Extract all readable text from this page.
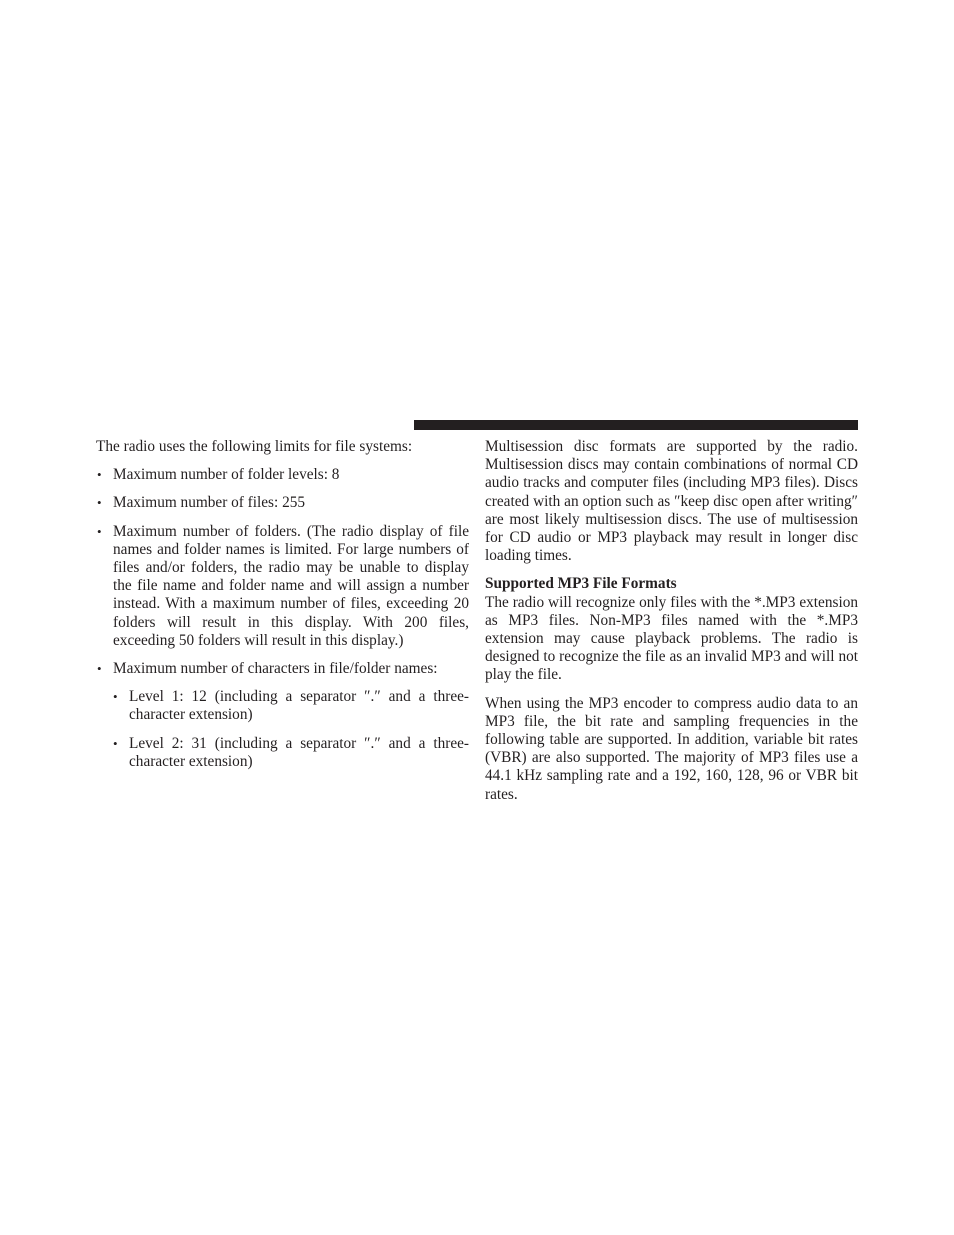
The radio uses the following limits for file systems:

• Maximum number of folder levels: 8
• Maximum number of files: 255
• Maximum number of folders. (The radio display of file names and folder names is limited. For large numbers of files and/or folders, the radio may be unable to display the file name and folder name and will assign a number instead. With a maximum number of files, exceeding 20 folders will result in this display. With 200 files, exceeding 50 folders will result in this display.)
• Maximum number of characters in file/folder names:
• Level 1: 12 (including a separator ″.″ and a three-character extension)
• Level 2: 31 (including a separator ″.″ and a three-character extension)

Multisession disc formats are supported by the radio. Multisession discs may contain combinations of normal CD audio tracks and computer files (including MP3 files). Discs created with an option such as ″keep disc open after writing″ are most likely multisession discs. The use of multisession for CD audio or MP3 playback may result in longer disc loading times.

Supported MP3 File Formats

The radio will recognize only files with the *.MP3 extension as MP3 files. Non-MP3 files named with the *.MP3 extension may cause playback problems. The radio is designed to recognize the file as an invalid MP3 and will not play the file.

When using the MP3 encoder to compress audio data to an MP3 file, the bit rate and sampling frequencies in the following table are supported. In addition, variable bit rates (VBR) are also supported. The majority of MP3 files use a 44.1 kHz sampling rate and a 192, 160, 128, 96 or VBR bit rates.
